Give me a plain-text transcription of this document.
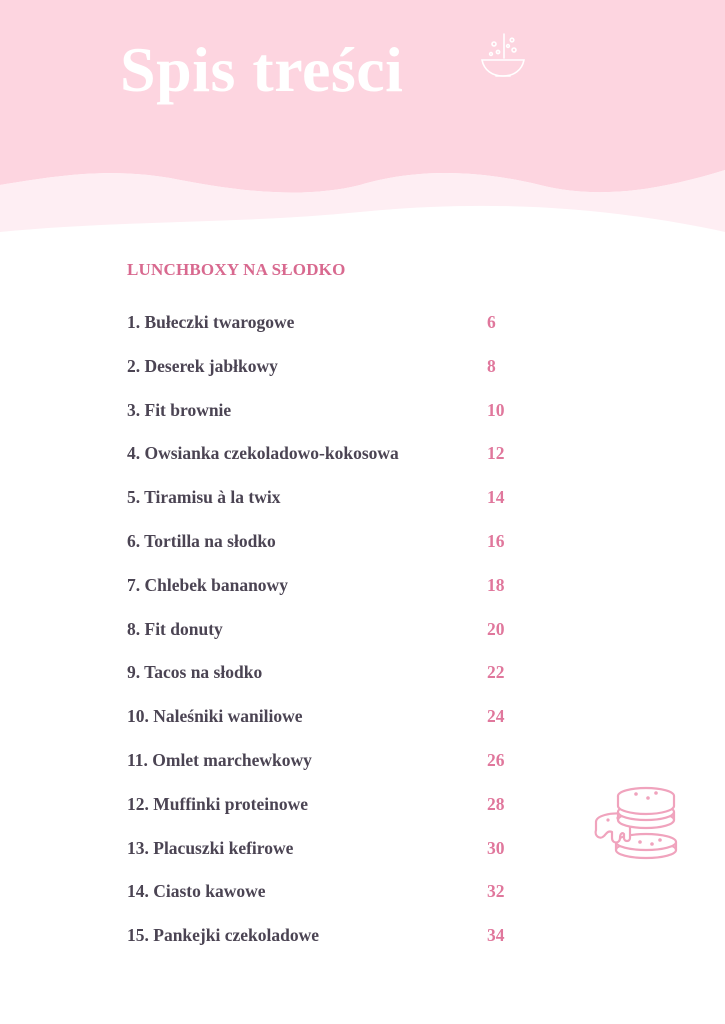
Spis treści
LUNCHBOXY NA SŁODKO
1. Bułeczki twarogowe	6
2. Deserek jabłkowy	8
3. Fit brownie	10
4. Owsianka czekoladowo-kokosowa	12
5. Tiramisu à la twix	14
6. Tortilla na słodko	16
7. Chlebek bananowy	18
8. Fit donuty	20
9. Tacos na słodko	22
10. Naleśniki waniliowe	24
11. Omlet marchewkowy	26
12. Muffinki proteinowe	28
13. Placuszki kefirowe	30
14. Ciasto kawowe	32
15. Pankejki czekoladowe	34
